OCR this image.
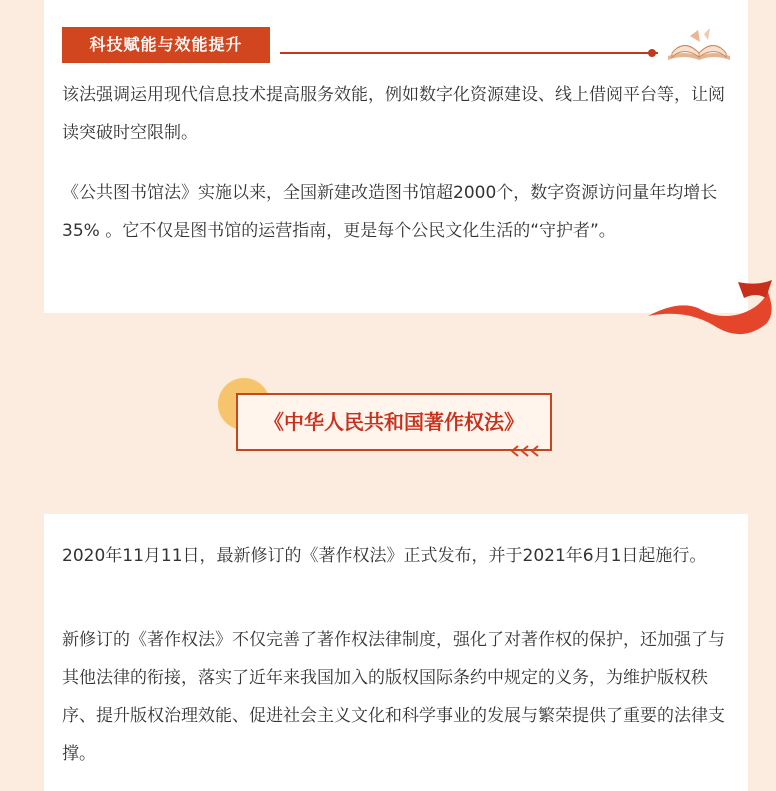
科技赋能与效能提升

该法强调运用现代信息技术提高服务效能，例如数字化资源建设、线上借阅平台等，让阅读突破时空限制。

《公共图书馆法》实施以来，全国新建改造图书馆超2000个，数字资源访问量年均增长35% 。它不仅是图书馆的运营指南，更是每个公民文化生活的“守护者”。

《中华人民共和国著作权法》

2020年11月11日，最新修订的《著作权法》正式发布，并于2021年6月1日起施行。

新修订的《著作权法》不仅完善了著作权法律制度，强化了对著作权的保护，还加强了与其他法律的衔接，落实了近年来我国加入的版权国际条约中规定的义务，为维护版权秩序、提升版权治理效能、促进社会主义文化和科学事业的发展与繁荣提供了重要的法律支撑。
